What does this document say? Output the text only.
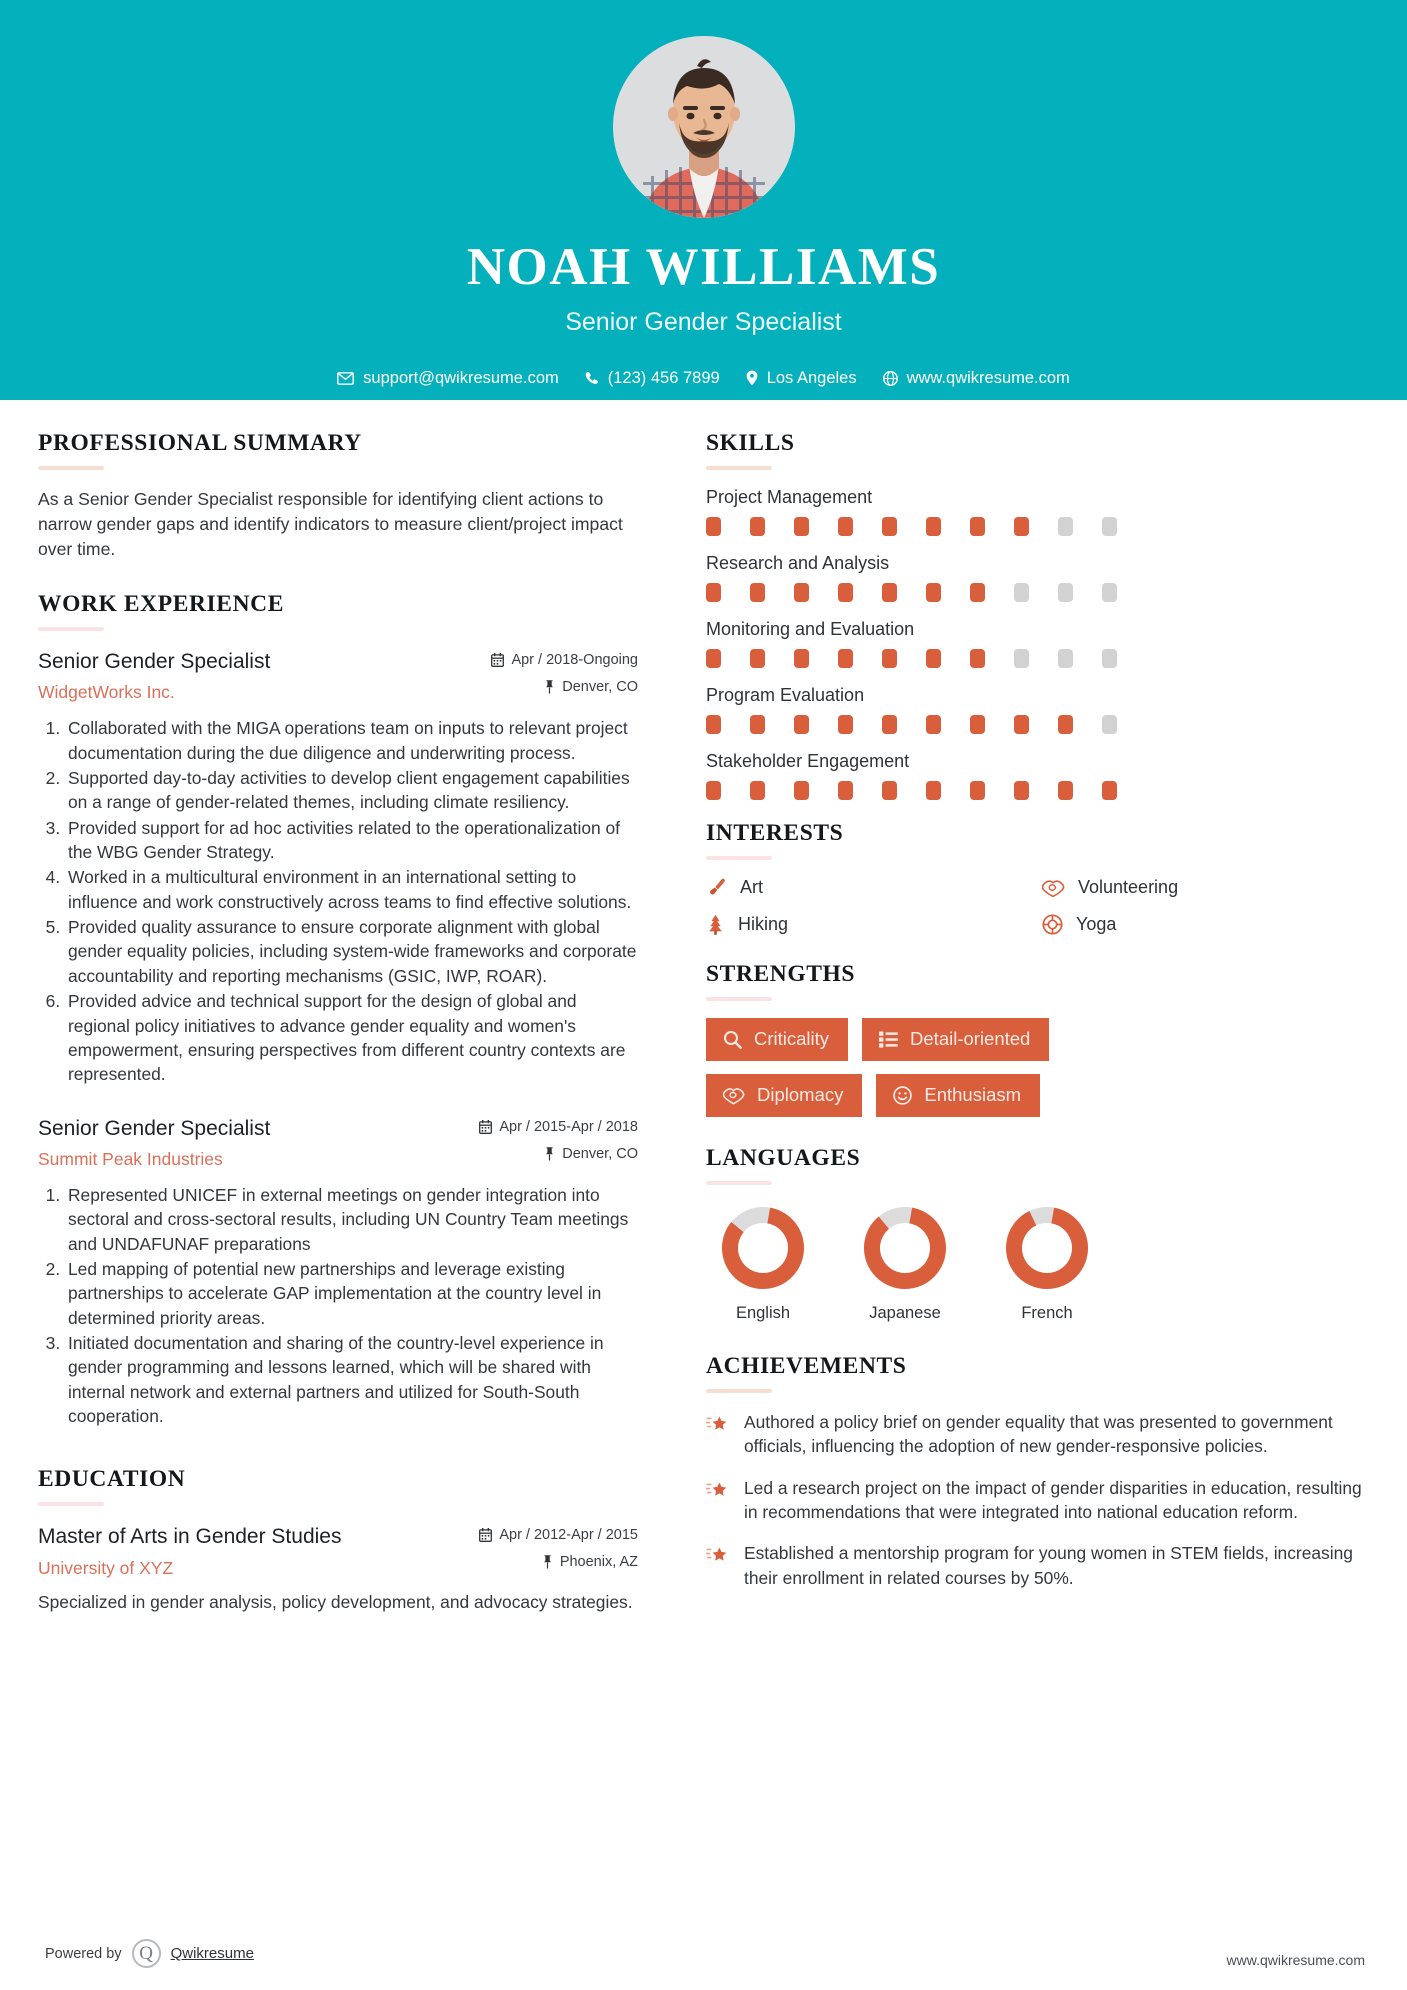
NOAH WILLIAMS
Senior Gender Specialist
support@qwikresume.com	(123) 456 7899	Los Angeles	www.qwikresume.com
PROFESSIONAL SUMMARY
As a Senior Gender Specialist responsible for identifying client actions to narrow gender gaps and identify indicators to measure client/project impact over time.
WORK EXPERIENCE
Senior Gender Specialist
WidgetWorks Inc.
Apr / 2018-Ongoing
Denver, CO
1. Collaborated with the MIGA operations team on inputs to relevant project documentation during the due diligence and underwriting process.
2. Supported day-to-day activities to develop client engagement capabilities on a range of gender-related themes, including climate resiliency.
3. Provided support for ad hoc activities related to the operationalization of the WBG Gender Strategy.
4. Worked in a multicultural environment in an international setting to influence and work constructively across teams to find effective solutions.
5. Provided quality assurance to ensure corporate alignment with global gender equality policies, including system-wide frameworks and corporate accountability and reporting mechanisms (GSIC, IWP, ROAR).
6. Provided advice and technical support for the design of global and regional policy initiatives to advance gender equality and women's empowerment, ensuring perspectives from different country contexts are represented.
Senior Gender Specialist
Summit Peak Industries
Apr / 2015-Apr / 2018
Denver, CO
1. Represented UNICEF in external meetings on gender integration into sectoral and cross-sectoral results, including UN Country Team meetings and UNDAFUNAF preparations
2. Led mapping of potential new partnerships and leverage existing partnerships to accelerate GAP implementation at the country level in determined priority areas.
3. Initiated documentation and sharing of the country-level experience in gender programming and lessons learned, which will be shared with internal network and external partners and utilized for South-South cooperation.
EDUCATION
Master of Arts in Gender Studies
University of XYZ
Apr / 2012-Apr / 2015
Phoenix, AZ
Specialized in gender analysis, policy development, and advocacy strategies.
SKILLS
Project Management
Research and Analysis
Monitoring and Evaluation
Program Evaluation
Stakeholder Engagement
INTERESTS
Art	Volunteering
Hiking	Yoga
STRENGTHS
Criticality	Detail-oriented
Diplomacy	Enthusiasm
LANGUAGES
English	Japanese	French
ACHIEVEMENTS
Authored a policy brief on gender equality that was presented to government officials, influencing the adoption of new gender-responsive policies.
Led a research project on the impact of gender disparities in education, resulting in recommendations that were integrated into national education reform.
Established a mentorship program for young women in STEM fields, increasing their enrollment in related courses by 50%.
Powered by Q	Qwikresume	www.qwikresume.com
